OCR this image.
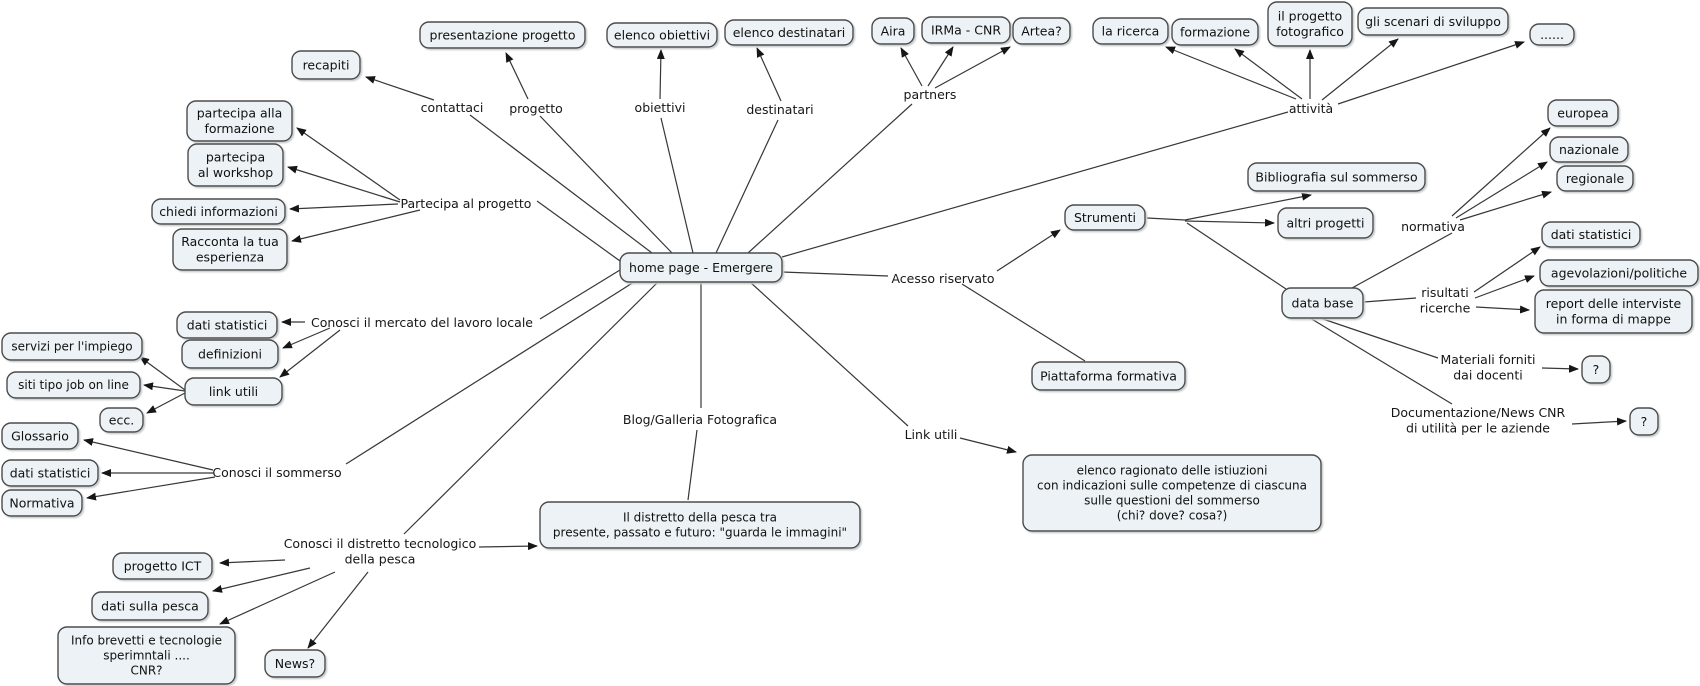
presentazione progetto	elenco obiettivi elenco destinatari	Aira IRMa - CNR Artea?	la ricerca formazione
il progetto
fotografico
gli scenari di sviluppo
......
recapiti
partecipa alla
formazione
partecipa
al workshop
chiedi informazioni
Racconta la tua
esperienza
home page - Emergere
Strumenti
Bibliografia sul sommerso
altri progetti
data base
europea
nazionale
regionale
dati statistici
agevolazioni/politiche
report delle interviste
in forma di mappe
?
?
Piattaforma formativa
elenco ragionato delle istiuzioni
con indicazioni sulle competenze di ciascuna
sulle questioni del sommerso
(chi? dove? cosa?)
dati statistici
definizioni
link utili
servizi per l'impiego
siti tipo job on line
ecc.
Glossario
dati statistici
Normativa
progetto ICT
dati sulla pesca
Info brevetti e tecnologie
sperimntali ....
CNR?	News?
Il distretto della pesca tra
presente, passato e futuro: "guarda le immagini"
contattaci progetto	obiettivi	destinatari
partners
attività
Partecipa al progetto
Conosci il mercato del lavoro locale
Conosci il sommerso
Conosci il distretto tecnologico
della pesca
Blog/Galleria Fotografica
Acesso riservato
Link utili
normativa
risultati
ricerche
Materiali forniti
dai docenti
Documentazione/News CNR
di utilità per le aziende
